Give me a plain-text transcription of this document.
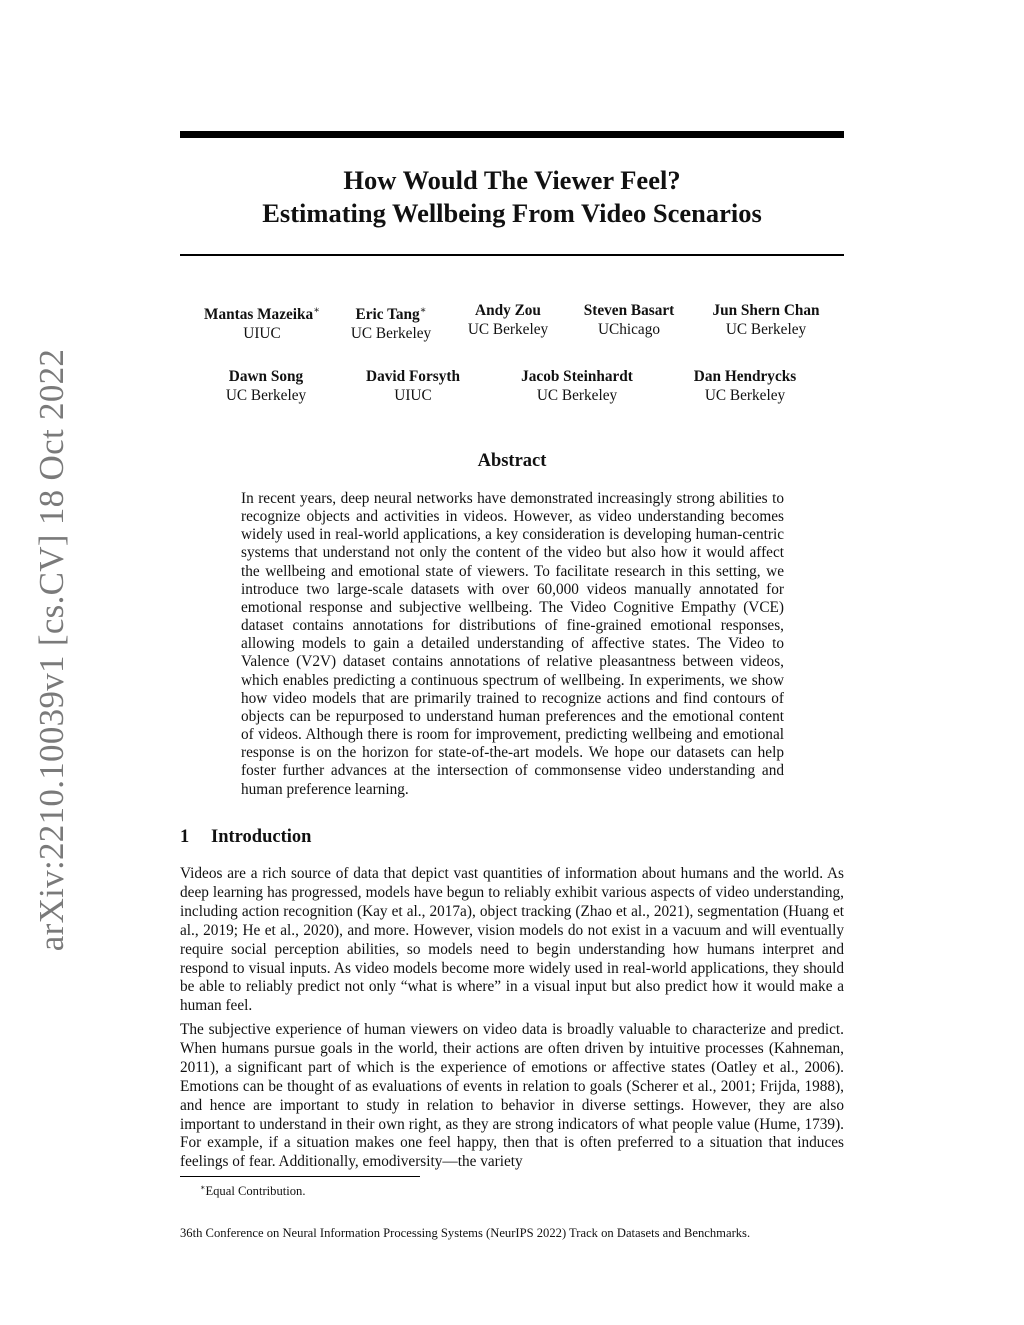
arXiv:2210.10039v1 [cs.CV] 18 Oct 2022
How Would The Viewer Feel?
Estimating Wellbeing From Video Scenarios
Mantas Mazeika∗
UIUC
Eric Tang∗
UC Berkeley
Andy Zou
UC Berkeley
Steven Basart
UChicago
Jun Shern Chan
UC Berkeley
Dawn Song
UC Berkeley
David Forsyth
UIUC
Jacob Steinhardt
UC Berkeley
Dan Hendrycks
UC Berkeley
Abstract

In recent years, deep neural networks have demonstrated increasingly strong abilities to recognize objects and activities in videos. However, as video understanding becomes widely used in real-world applications, a key consideration is developing human-centric systems that understand not only the content of the video but also how it would affect the wellbeing and emotional state of viewers. To facilitate research in this setting, we introduce two large-scale datasets with over 60,000 videos manually annotated for emotional response and subjective wellbeing. The Video Cognitive Empathy (VCE) dataset contains annotations for distributions of fine-grained emotional responses, allowing models to gain a detailed understanding of affective states. The Video to Valence (V2V) dataset contains annotations of relative pleasantness between videos, which enables predicting a continuous spectrum of wellbeing. In experiments, we show how video models that are primarily trained to recognize actions and find contours of objects can be repurposed to understand human preferences and the emotional content of videos. Although there is room for improvement, predicting wellbeing and emotional response is on the horizon for state-of-the-art models. We hope our datasets can help foster further advances at the intersection of commonsense video understanding and human preference learning.

1 Introduction

Videos are a rich source of data that depict vast quantities of information about humans and the world. As deep learning has progressed, models have begun to reliably exhibit various aspects of video understanding, including action recognition (Kay et al., 2017a), object tracking (Zhao et al., 2021), segmentation (Huang et al., 2019; He et al., 2020), and more. However, vision models do not exist in a vacuum and will eventually require social perception abilities, so models need to begin understanding how humans interpret and respond to visual inputs. As video models become more widely used in real-world applications, they should be able to reliably predict not only “what is where” in a visual input but also predict how it would make a human feel.

The subjective experience of human viewers on video data is broadly valuable to characterize and predict. When humans pursue goals in the world, their actions are often driven by intuitive processes (Kahneman, 2011), a significant part of which is the experience of emotions or affective states (Oatley et al., 2006). Emotions can be thought of as evaluations of events in relation to goals (Scherer et al., 2001; Frijda, 1988), and hence are important to study in relation to behavior in diverse settings. However, they are also important to understand in their own right, as they are strong indicators of what people value (Hume, 1739). For example, if a situation makes one feel happy, then that is often preferred to a situation that induces feelings of fear. Additionally, emodiversity—the variety

∗Equal Contribution.
36th Conference on Neural Information Processing Systems (NeurIPS 2022) Track on Datasets and Benchmarks.
